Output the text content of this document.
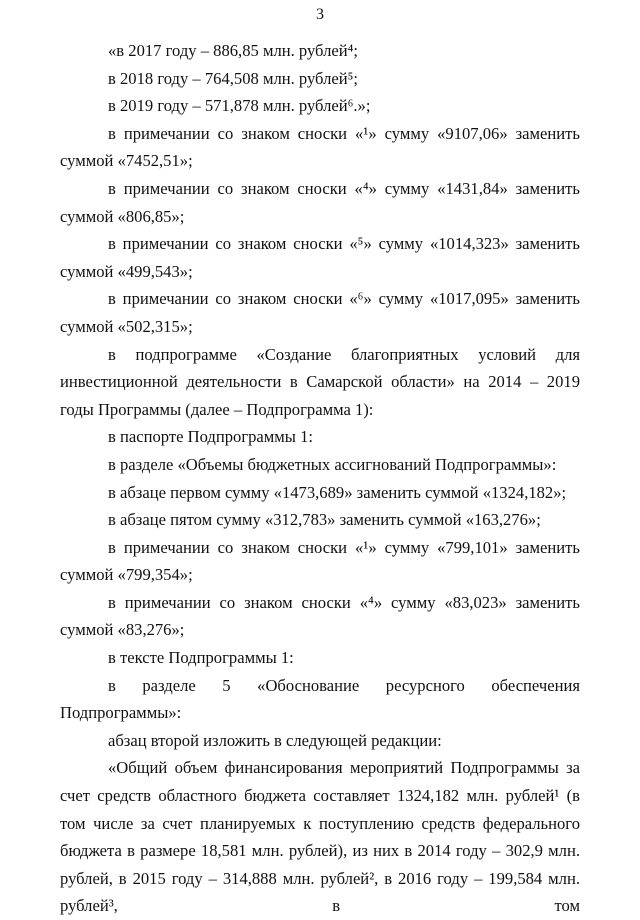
3

«в 2017 году – 886,85 млн. рублей⁴;

в 2018 году – 764,508 млн. рублей⁵;

в 2019 году – 571,878 млн. рублей⁶.»;

в примечании со знаком сноски «¹» сумму «9107,06» заменить суммой «7452,51»;

в примечании со знаком сноски «⁴» сумму «1431,84» заменить суммой «806,85»;

в примечании со знаком сноски «⁵» сумму «1014,323» заменить суммой «499,543»;

в примечании со знаком сноски «⁶» сумму «1017,095» заменить суммой «502,315»;

в подпрограмме «Создание благоприятных условий для инвестиционной деятельности в Самарской области» на 2014 – 2019 годы Программы (далее – Подпрограмма 1):

в паспорте Подпрограммы 1:

в разделе «Объемы бюджетных ассигнований Подпрограммы»:

в абзаце первом сумму «1473,689» заменить суммой «1324,182»;

в абзаце пятом сумму «312,783» заменить суммой «163,276»;

в примечании со знаком сноски «¹» сумму «799,101» заменить суммой «799,354»;

в примечании со знаком сноски «⁴» сумму «83,023» заменить суммой «83,276»;

в тексте Подпрограммы 1:

в разделе 5 «Обоснование ресурсного обеспечения Подпрограммы»:

абзац второй изложить в следующей редакции:

«Общий объем финансирования мероприятий Подпрограммы за счет средств областного бюджета составляет 1324,182 млн. рублей¹ (в том числе за счет планируемых к поступлению средств федерального бюджета в размере 18,581 млн. рублей), из них в 2014 году – 302,9 млн. рублей, в 2015 году – 314,888 млн. рублей², в 2016 году – 199,584 млн. рублей³, в том
